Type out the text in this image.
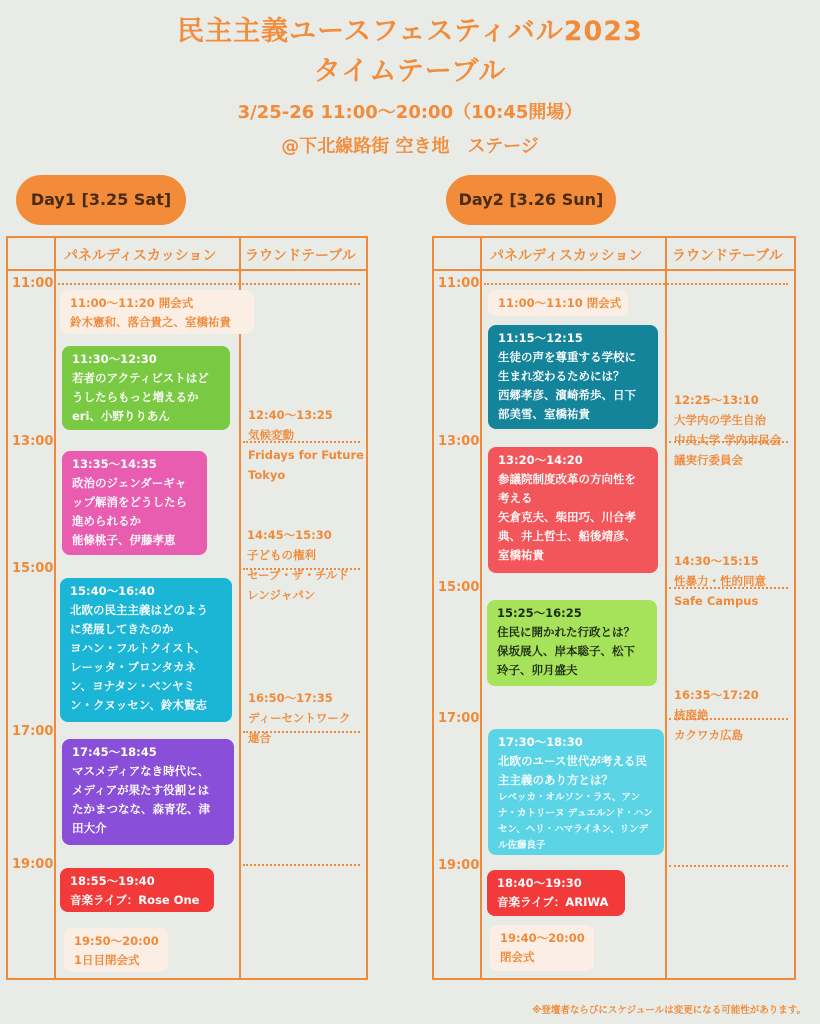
民主主義ユースフェスティバル2023
タイムテーブル
3/25-26 11:00〜20:00（10:45開場）
@下北線路街 空き地　ステージ
Day1 [3.25 Sat]	Day2 [3.26 Sun]
パネルディスカッション ラウンドテーブル
11:00
13:00
15:00
17:00
19:00
11:00〜11:20 開会式
鈴木憲和、落合貴之、室橋祐貴
11:30〜12:30
若者のアクティビストはど
うしたらもっと増えるか
eri、小野りりあん
13:35〜14:35
政治のジェンダーギャ
ップ解消をどうしたら
進められるか
能條桃子、伊藤孝恵
15:40〜16:40
北欧の民主主義はどのよう
に発展してきたのか
ヨハン・フルトクイスト、
レーッタ・ブロンタカネ
ン、ヨナタン・ベンヤミ
ン・クヌッセン、鈴木賢志
17:45〜18:45
マスメディアなき時代に、
メディアが果たす役割とは
たかまつなな、森青花、津
田大介
18:55〜19:40
音楽ライブ：Rose One
19:50〜20:00
1日目閉会式
12:40〜13:25
気候変動
Fridays for Future
Tokyo
14:45〜15:30
子どもの権利
セーブ・ザ・チルド
レンジャパン
16:50〜17:35
ディーセントワーク
連合
パネルディスカッション ラウンドテーブル
11:00
13:00
15:00
17:00
19:00
11:00〜11:10 閉会式
11:15〜12:15
生徒の声を尊重する学校に
生まれ変わるためには？
西郷孝彦、濱崎希歩、日下
部美雪、室橋祐貴
13:20〜14:20
参議院制度改革の方向性を
考える
矢倉克夫、柴田巧、川合孝
典、井上哲士、船後靖彦、
室橋祐貴
15:25〜16:25
住民に開かれた行政とは？
保坂展人、岸本聡子、松下
玲子、卯月盛夫
17:30〜18:30
北欧のユース世代が考える民
主主義のあり方とは？
レベッカ・オルソン・ラス、アン
ナ・カトリーヌ デュエルンド・ハン
セン、ヘリ・ハマライネン、リンデ
ル佐藤良子
18:40〜19:30
音楽ライブ：ARIWA
19:40〜20:00
閉会式
12:25〜13:10
大学内の学生自治
中央大学 学内市民会
議実行委員会
14:30〜15:15
性暴力・性的同意
Safe Campus
16:35〜17:20
核廃絶
カクワカ広島
※登壇者ならびにスケジュールは変更になる可能性があります。
